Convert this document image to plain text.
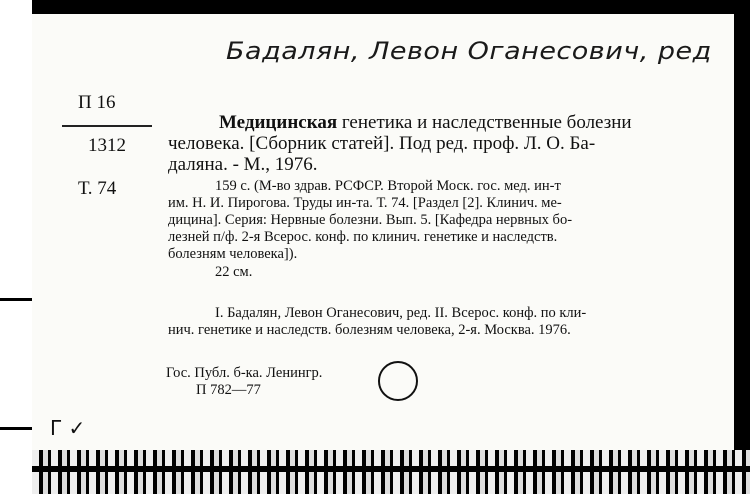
Бадалян, Левон Оганесович, ред
П 16
1312
Т. 74
Медицинская генетика и наследственные болезни
человека. [Сборник статей]. Под ред. проф. Л. О. Ба-
даляна. - М., 1976.
159 с. (М-во здрав. РСФСР. Второй Моск. гос. мед. ин-т
им. Н. И. Пирогова. Труды ин-та. Т. 74. [Раздел [2]. Клинич. ме-
дицина]. Серия: Нервные болезни. Вып. 5. [Кафедра нервных бо-
лезней п/ф. 2-я Всерос. конф. по клинич. генетике и наследств.
болезням человека]).
22 см.
I. Бадалян, Левон Оганесович, ред. II. Всерос. конф. по кли-
нич. генетике и наследств. болезням человека, 2-я. Москва. 1976.
Гос. Публ. б-ка. Ленингр.
П 782—77
Г ✓
